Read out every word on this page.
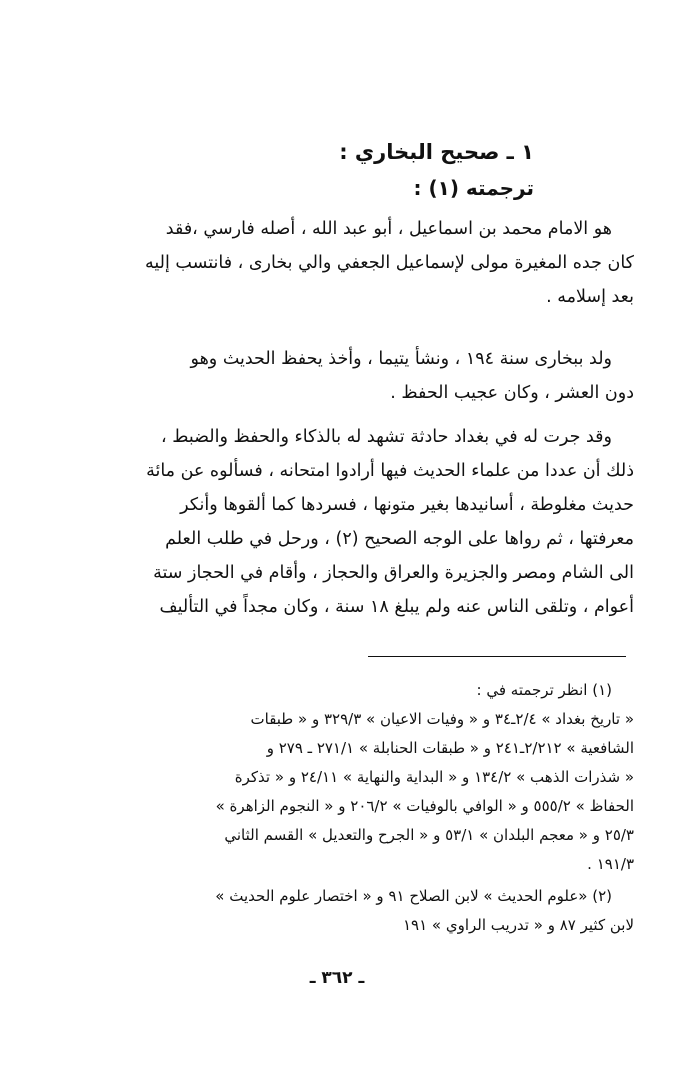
١ ـ صحيح البخاري :
ترجمته (١) :
هو الامام محمد بن اسماعيل ، أبو عبد الله ، أصله فارسي ،فقد
كان جده المغيرة مولى لإسماعيل الجعفي والي بخارى ، فانتسب إليه
بعد إسلامه .
ولد ببخارى سنة ١٩٤ ، ونشأ يتيما ، وأخذ يحفظ الحديث وهو
دون العشر ، وكان عجيب الحفظ .
وقد جرت له في بغداد حادثة تشهد له بالذكاء والحفظ والضبط ،
ذلك أن عددا من علماء الحديث فيها أرادوا امتحانه ، فسألوه عن مائة
حديث مغلوطة ، أسانيدها بغير متونها ، فسردها كما ألقوها وأنكر
معرفتها ، ثم رواها على الوجه الصحيح (٢) ، ورحل في طلب العلم
الى الشام ومصر والجزيرة والعراق والحجاز ، وأقام في الحجاز ستة
أعوام ، وتلقى الناس عنه ولم يبلغ ١٨ سنة ، وكان مجداً في التأليف
(١) انظر ترجمته في :
« تاريخ بغداد » ٢/٤ـ٣٤ و « وفيات الاعيان » ٣٢٩/٣ و « طبقات
الشافعية » ٢/٢١٢ـ٢٤١ و « طبقات الحنابلة » ٢٧١/١ ـ ٢٧٩ و
« شذرات الذهب » ١٣٤/٢ و « البداية والنهاية » ٢٤/١١ و « تذكرة
الحفاظ » ٥٥٥/٢ و « الوافي بالوفيات » ٢٠٦/٢ و « النجوم الزاهرة »
٢٥/٣ و « معجم البلدان » ٥٣/١ و « الجرح والتعديل » القسم الثاني
١٩١/٣ .
(٢) «علوم الحديث » لابن الصلاح ٩١ و « اختصار علوم الحديث »
لابن كثير ٨٧ و « تدريب الراوي » ١٩١
ـ ٣٦٢ ـ
